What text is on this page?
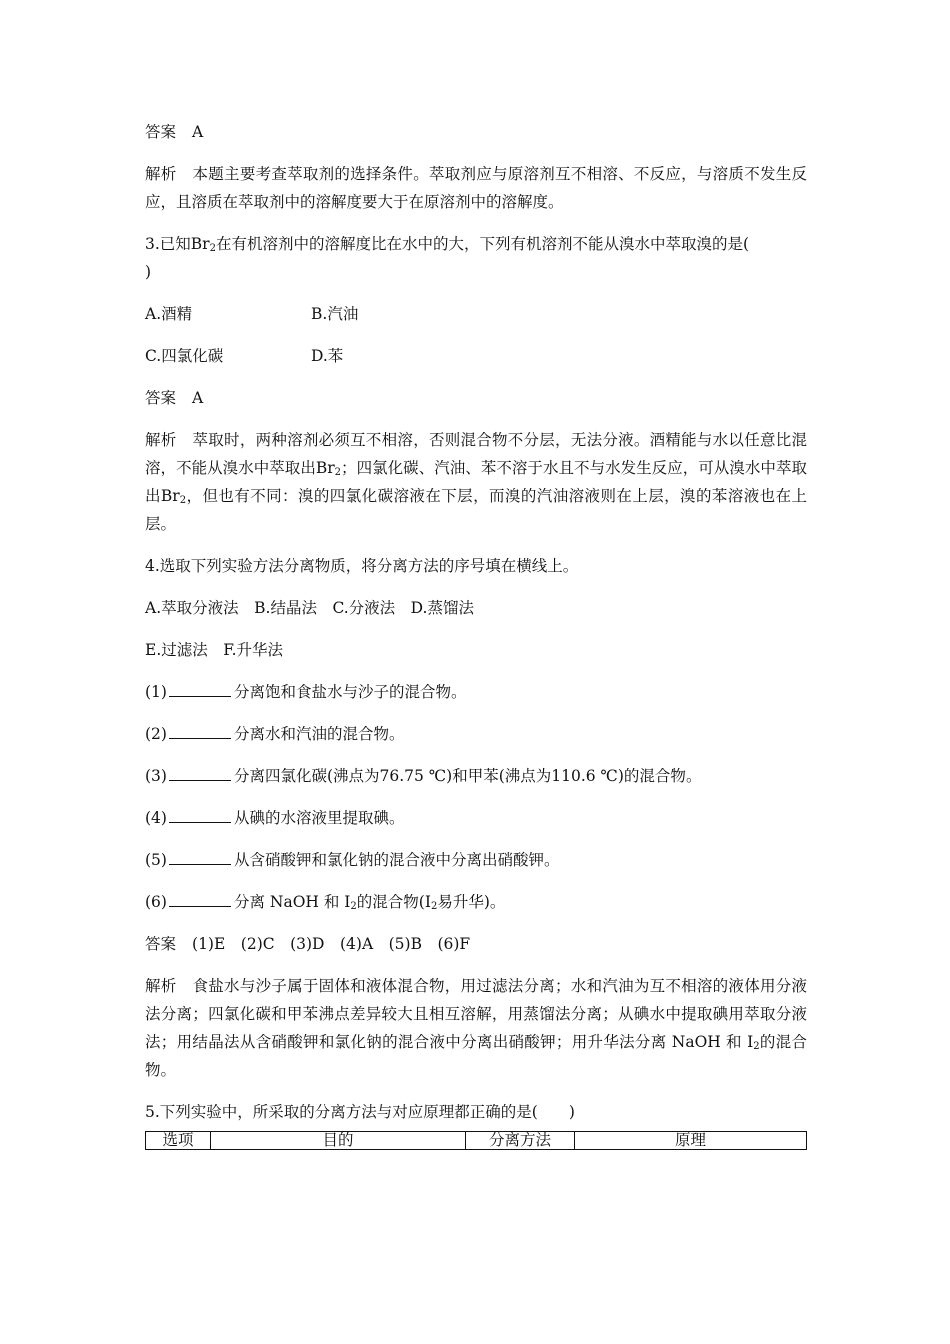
答案 A

解析 本题主要考查萃取剂的选择条件。萃取剂应与原溶剂互不相溶、不反应，与溶质不发生反应，且溶质在萃取剂中的溶解度要大于在原溶剂中的溶解度。

3.已知$Br_2$在有机溶剂中的溶解度比在水中的大，下列有机溶剂不能从溴水中萃取溴的是(
)

A.酒精	B.汽油

C.四氯化碳	D.苯

答案 A

解析 萃取时，两种溶剂必须互不相溶，否则混合物不分层，无法分液。酒精能与水以任意比混溶，不能从溴水中萃取出$Br_2$；四氯化碳、汽油、苯不溶于水且不与水发生反应，可从溴水中萃取出$Br_2$，但也有不同：溴的四氯化碳溶液在下层，而溴的汽油溶液则在上层，溴的苯溶液也在上层。

4.选取下列实验方法分离物质，将分离方法的序号填在横线上。

A.萃取分液法　B.结晶法　C.分液法　D.蒸馏法

E.过滤法　F.升华法

(1)	分离饱和食盐水与沙子的混合物。

(2)	分离水和汽油的混合物。

(3)	分离四氯化碳(沸点为76.75 ℃)和甲苯(沸点为110.6 ℃)的混合物。

(4)	从碘的水溶液里提取碘。

(5)	从含硝酸钾和氯化钠的混合液中分离出硝酸钾。

(6)	分离 NaOH 和 $I_2$的混合物($I_2$易升华)。

答案 (1)E　(2)C　(3)D　(4)A　(5)B　(6)F

解析 食盐水与沙子属于固体和液体混合物，用过滤法分离；水和汽油为互不相溶的液体用分液法分离；四氯化碳和甲苯沸点差异较大且相互溶解，用蒸馏法分离；从碘水中提取碘用萃取分液法；用结晶法从含硝酸钾和氯化钠的混合液中分离出硝酸钾；用升华法分离 NaOH 和 $I_2$的混合物。

5.下列实验中，所采取的分离方法与对应原理都正确的是(　　)

选项	目的	分离方法	原理
